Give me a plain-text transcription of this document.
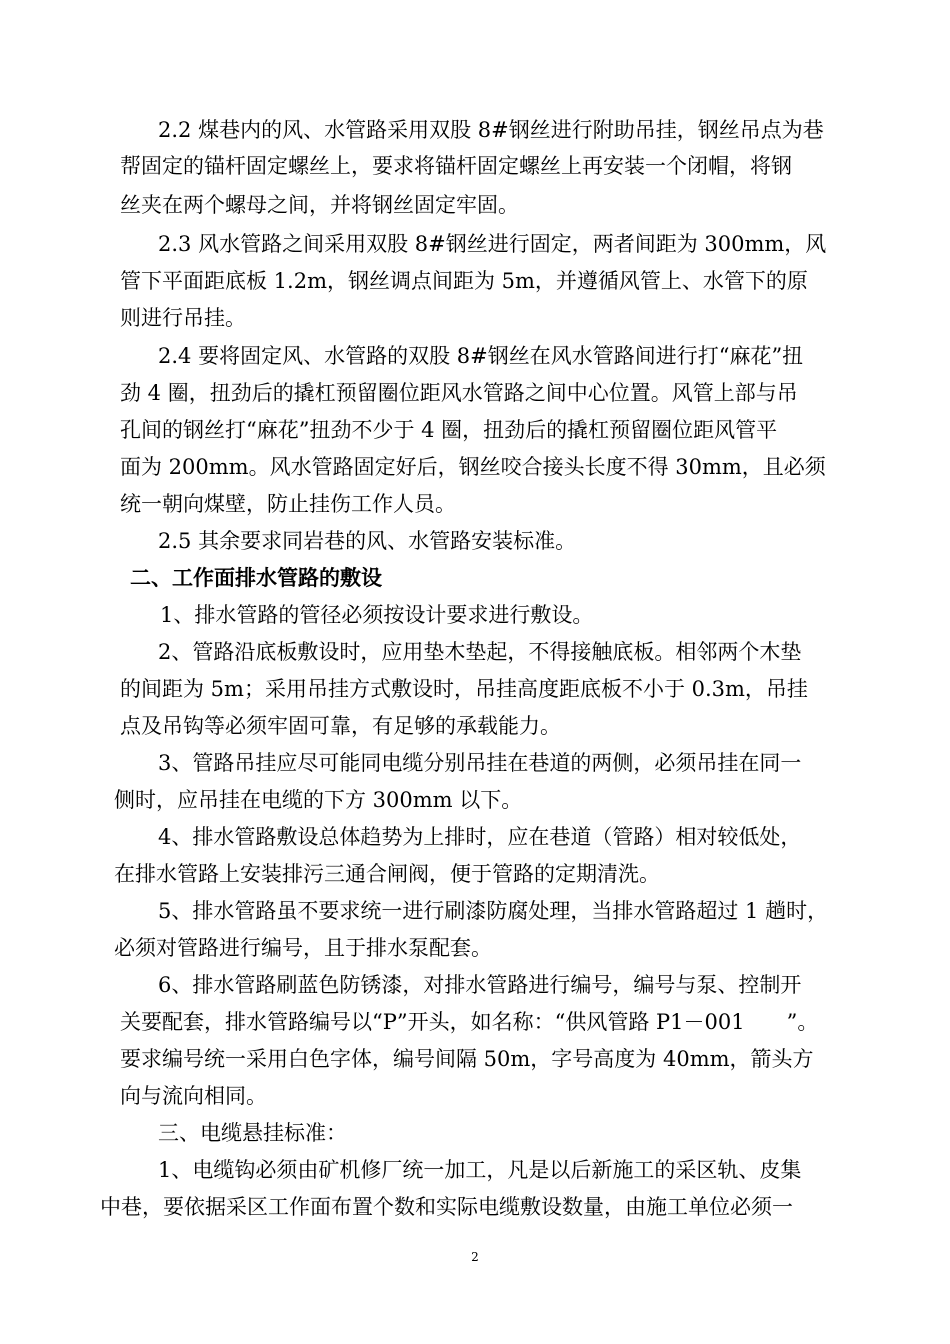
2.2 煤巷内的风、水管路采用双股 8#钢丝进行附助吊挂，钢丝吊点为巷
帮固定的锚杆固定螺丝上，要求将锚杆固定螺丝上再安装一个闭帽，将钢
丝夹在两个螺母之间，并将钢丝固定牢固。
2.3 风水管路之间采用双股 8#钢丝进行固定，两者间距为 300mm，风
管下平面距底板 1.2m，钢丝调点间距为 5m，并遵循风管上、水管下的原
则进行吊挂。
2.4 要将固定风、水管路的双股 8#钢丝在风水管路间进行打“麻花”扭
劲 4 圈，扭劲后的撬杠预留圈位距风水管路之间中心位置。风管上部与吊
孔间的钢丝打“麻花”扭劲不少于 4 圈，扭劲后的撬杠预留圈位距风管平
面为 200mm。风水管路固定好后，钢丝咬合接头长度不得 30mm，且必须
统一朝向煤壁，防止挂伤工作人员。
2.5 其余要求同岩巷的风、水管路安装标准。
二、工作面排水管路的敷设
1、排水管路的管径必须按设计要求进行敷设。
2、管路沿底板敷设时，应用垫木垫起，不得接触底板。相邻两个木垫
的间距为 5m；采用吊挂方式敷设时，吊挂高度距底板不小于 0.3m，吊挂
点及吊钩等必须牢固可靠，有足够的承载能力。
3、管路吊挂应尽可能同电缆分别吊挂在巷道的两侧，必须吊挂在同一
侧时，应吊挂在电缆的下方 300mm 以下。
4、排水管路敷设总体趋势为上排时，应在巷道（管路）相对较低处，
在排水管路上安装排污三通合闸阀，便于管路的定期清洗。
5、排水管路虽不要求统一进行刷漆防腐处理，当排水管路超过 1 趟时，
必须对管路进行编号，且于排水泵配套。
6、排水管路刷蓝色防锈漆，对排水管路进行编号，编号与泵、控制开
关要配套，排水管路编号以“P”开头，如名称：“供风管路 P1－001　　”。
要求编号统一采用白色字体，编号间隔 50m，字号高度为 40mm，箭头方
向与流向相同。
三、电缆悬挂标准：
1、电缆钩必须由矿机修厂统一加工，凡是以后新施工的采区轨、皮集
中巷，要依据采区工作面布置个数和实际电缆敷设数量，由施工单位必须一
2
